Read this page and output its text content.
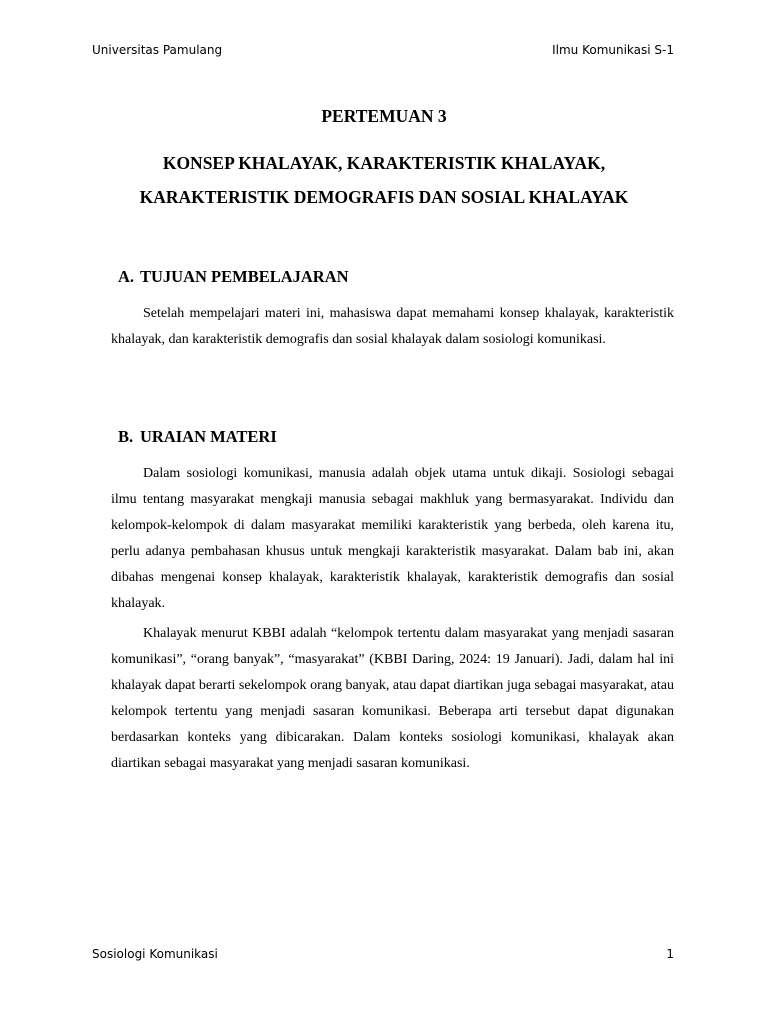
Universitas Pamulang	Ilmu Komunikasi S-1
PERTEMUAN 3
KONSEP KHALAYAK, KARAKTERISTIK KHALAYAK,
KARAKTERISTIK DEMOGRAFIS DAN SOSIAL KHALAYAK
A. TUJUAN PEMBELAJARAN

Setelah mempelajari materi ini, mahasiswa dapat memahami konsep khalayak, karakteristik khalayak, dan karakteristik demografis dan sosial khalayak dalam sosiologi komunikasi.

B. URAIAN MATERI

Dalam sosiologi komunikasi, manusia adalah objek utama untuk dikaji. Sosiologi sebagai ilmu tentang masyarakat mengkaji manusia sebagai makhluk yang bermasyarakat. Individu dan kelompok-kelompok di dalam masyarakat memiliki karakteristik yang berbeda, oleh karena itu, perlu adanya pembahasan khusus untuk mengkaji karakteristik masyarakat. Dalam bab ini, akan dibahas mengenai konsep khalayak, karakteristik khalayak, karakteristik demografis dan sosial khalayak.

Khalayak menurut KBBI adalah “kelompok tertentu dalam masyarakat yang menjadi sasaran komunikasi”, “orang banyak”, “masyarakat” (KBBI Daring, 2024: 19 Januari). Jadi, dalam hal ini khalayak dapat berarti sekelompok orang banyak, atau dapat diartikan juga sebagai masyarakat, atau kelompok tertentu yang menjadi sasaran komunikasi. Beberapa arti tersebut dapat digunakan berdasarkan konteks yang dibicarakan. Dalam konteks sosiologi komunikasi, khalayak akan diartikan sebagai masyarakat yang menjadi sasaran komunikasi.

Sosiologi Komunikasi	1
